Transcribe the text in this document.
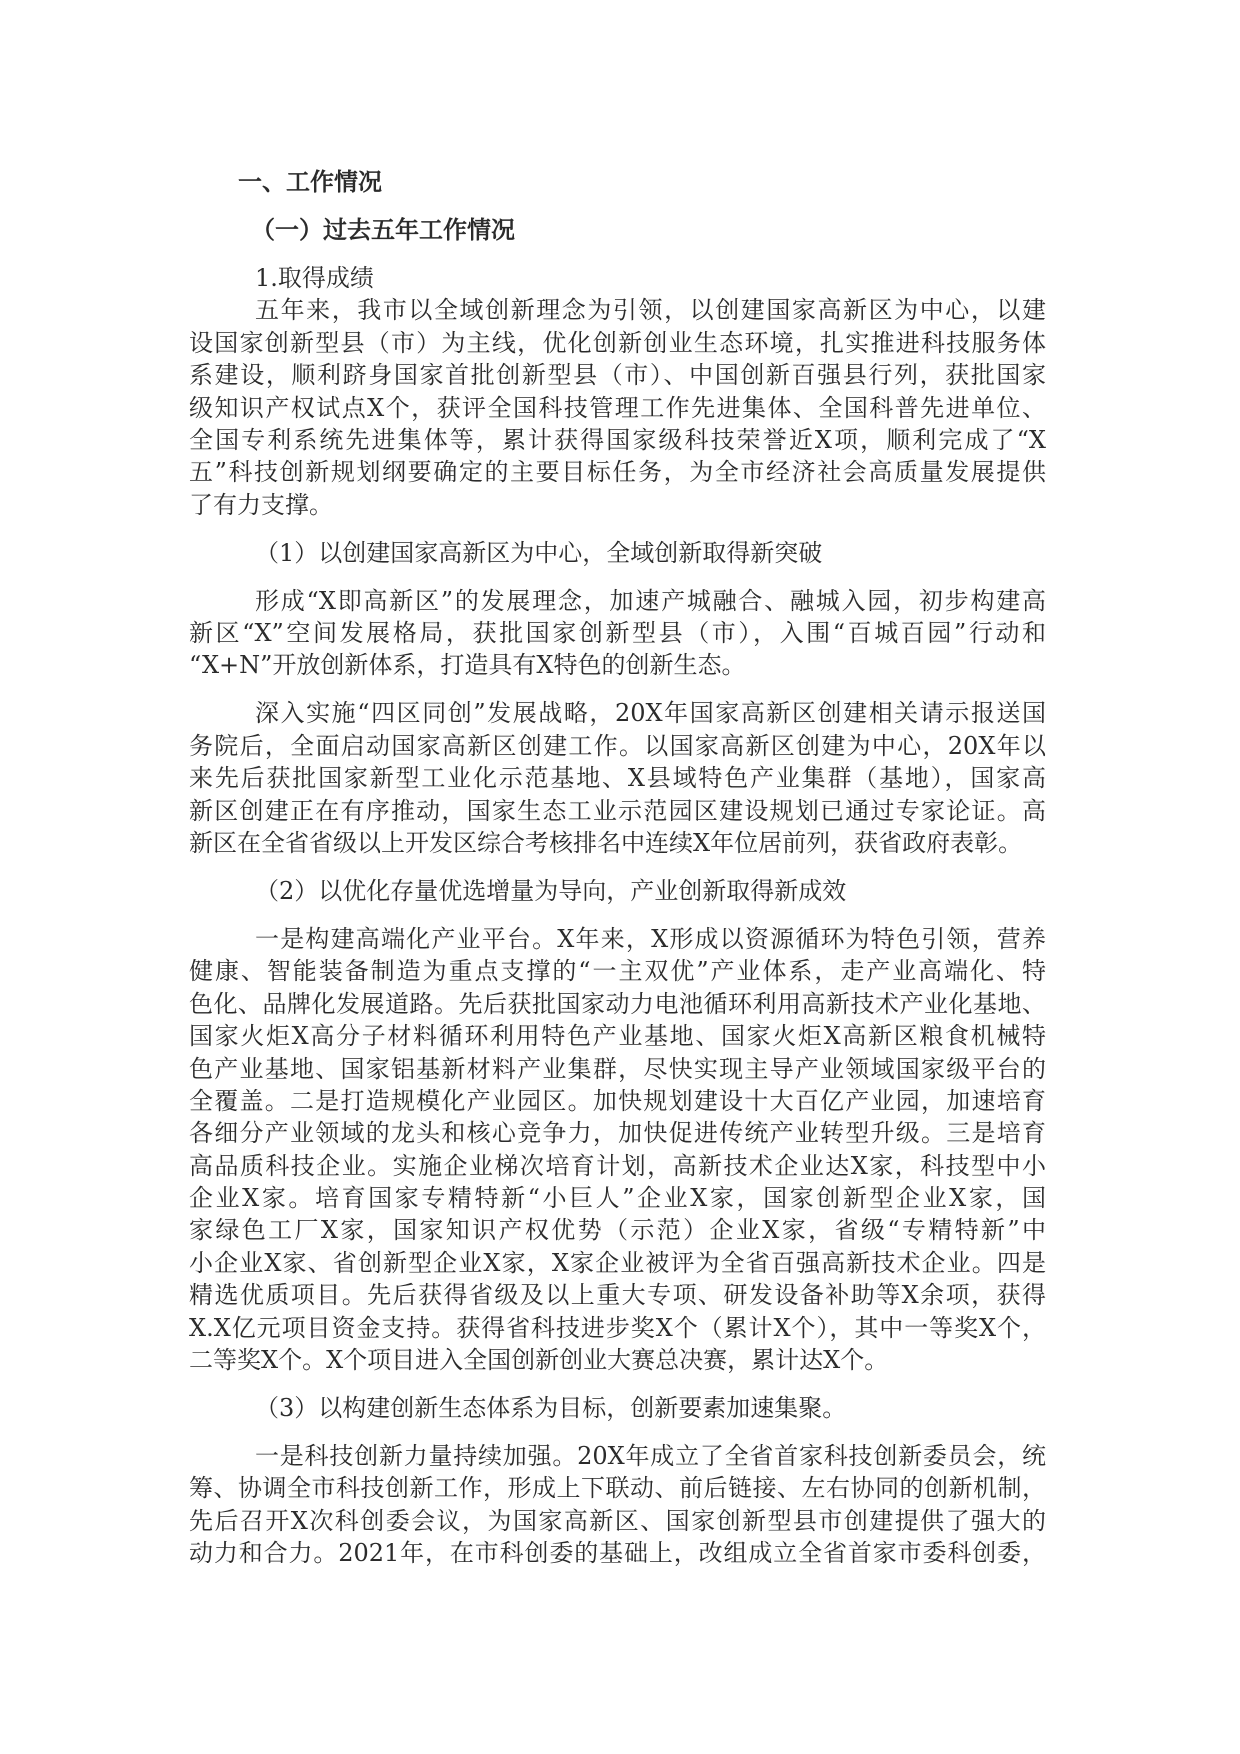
一、工作情况
（一）过去五年工作情况
1.取得成绩
五年来，我市以全域创新理念为引领，以创建国家高新区为中心，以建
设国家创新型县（市）为主线，优化创新创业生态环境，扎实推进科技服务体
系建设，顺利跻身国家首批创新型县（市）、中国创新百强县行列，获批国家
级知识产权试点X个，获评全国科技管理工作先进集体、全国科普先进单位、
全国专利系统先进集体等，累计获得国家级科技荣誉近X项，顺利完成了“X
五”科技创新规划纲要确定的主要目标任务，为全市经济社会高质量发展提供
了有力支撑。
（1）以创建国家高新区为中心，全域创新取得新突破
形成“X即高新区”的发展理念，加速产城融合、融城入园，初步构建高
新区“X”空间发展格局，获批国家创新型县（市），入围“百城百园”行动和
“X+N”开放创新体系，打造具有X特色的创新生态。
深入实施“四区同创”发展战略，20X年国家高新区创建相关请示报送国
务院后，全面启动国家高新区创建工作。以国家高新区创建为中心，20X年以
来先后获批国家新型工业化示范基地、X县域特色产业集群（基地），国家高
新区创建正在有序推动，国家生态工业示范园区建设规划已通过专家论证。高
新区在全省省级以上开发区综合考核排名中连续X年位居前列，获省政府表彰。
（2）以优化存量优选增量为导向，产业创新取得新成效
一是构建高端化产业平台。X年来，X形成以资源循环为特色引领，营养
健康、智能装备制造为重点支撑的“一主双优”产业体系，走产业高端化、特
色化、品牌化发展道路。先后获批国家动力电池循环利用高新技术产业化基地、
国家火炬X高分子材料循环利用特色产业基地、国家火炬X高新区粮食机械特
色产业基地、国家铝基新材料产业集群，尽快实现主导产业领域国家级平台的
全覆盖。二是打造规模化产业园区。加快规划建设十大百亿产业园，加速培育
各细分产业领域的龙头和核心竞争力，加快促进传统产业转型升级。三是培育
高品质科技企业。实施企业梯次培育计划，高新技术企业达X家，科技型中小
企业X家。培育国家专精特新“小巨人”企业X家，国家创新型企业X家，国
家绿色工厂X家，国家知识产权优势（示范）企业X家，省级“专精特新”中
小企业X家、省创新型企业X家，X家企业被评为全省百强高新技术企业。四是
精选优质项目。先后获得省级及以上重大专项、研发设备补助等X余项，获得
X.X亿元项目资金支持。获得省科技进步奖X个（累计X个），其中一等奖X个，
二等奖X个。X个项目进入全国创新创业大赛总决赛，累计达X个。
（3）以构建创新生态体系为目标，创新要素加速集聚。
一是科技创新力量持续加强。20X年成立了全省首家科技创新委员会，统
筹、协调全市科技创新工作，形成上下联动、前后链接、左右协同的创新机制，
先后召开X次科创委会议，为国家高新区、国家创新型县市创建提供了强大的
动力和合力。2021年，在市科创委的基础上，改组成立全省首家市委科创委，
